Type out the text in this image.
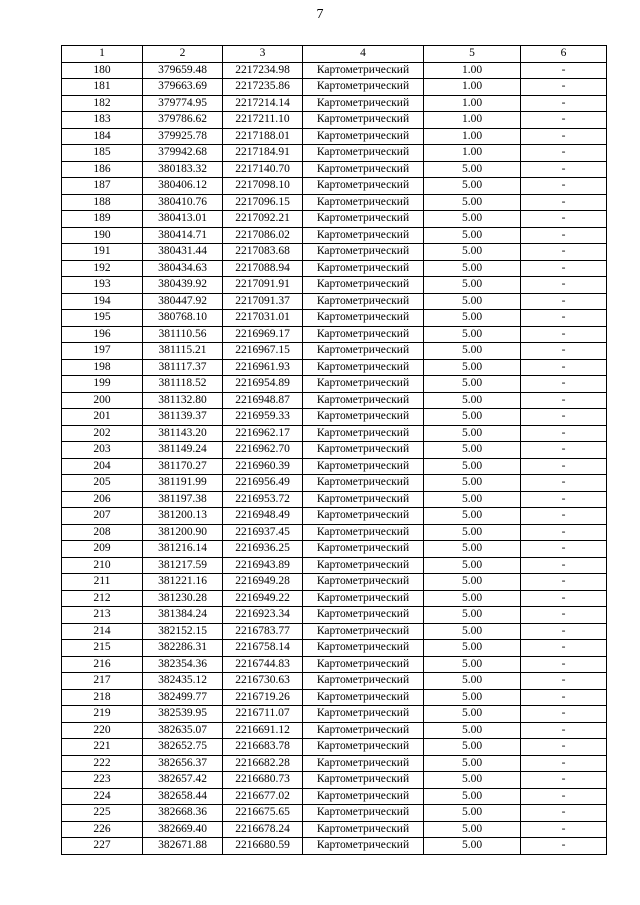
7
1	2	3	4	5	6
180	379659.48	2217234.98	Картометрический	1.00	-
181	379663.69	2217235.86	Картометрический	1.00	-
182	379774.95	2217214.14	Картометрический	1.00	-
183	379786.62	2217211.10	Картометрический	1.00	-
184	379925.78	2217188.01	Картометрический	1.00	-
185	379942.68	2217184.91	Картометрический	1.00	-
186	380183.32	2217140.70	Картометрический	5.00	-
187	380406.12	2217098.10	Картометрический	5.00	-
188	380410.76	2217096.15	Картометрический	5.00	-
189	380413.01	2217092.21	Картометрический	5.00	-
190	380414.71	2217086.02	Картометрический	5.00	-
191	380431.44	2217083.68	Картометрический	5.00	-
192	380434.63	2217088.94	Картометрический	5.00	-
193	380439.92	2217091.91	Картометрический	5.00	-
194	380447.92	2217091.37	Картометрический	5.00	-
195	380768.10	2217031.01	Картометрический	5.00	-
196	381110.56	2216969.17	Картометрический	5.00	-
197	381115.21	2216967.15	Картометрический	5.00	-
198	381117.37	2216961.93	Картометрический	5.00	-
199	381118.52	2216954.89	Картометрический	5.00	-
200	381132.80	2216948.87	Картометрический	5.00	-
201	381139.37	2216959.33	Картометрический	5.00	-
202	381143.20	2216962.17	Картометрический	5.00	-
203	381149.24	2216962.70	Картометрический	5.00	-
204	381170.27	2216960.39	Картометрический	5.00	-
205	381191.99	2216956.49	Картометрический	5.00	-
206	381197.38	2216953.72	Картометрический	5.00	-
207	381200.13	2216948.49	Картометрический	5.00	-
208	381200.90	2216937.45	Картометрический	5.00	-
209	381216.14	2216936.25	Картометрический	5.00	-
210	381217.59	2216943.89	Картометрический	5.00	-
211	381221.16	2216949.28	Картометрический	5.00	-
212	381230.28	2216949.22	Картометрический	5.00	-
213	381384.24	2216923.34	Картометрический	5.00	-
214	382152.15	2216783.77	Картометрический	5.00	-
215	382286.31	2216758.14	Картометрический	5.00	-
216	382354.36	2216744.83	Картометрический	5.00	-
217	382435.12	2216730.63	Картометрический	5.00	-
218	382499.77	2216719.26	Картометрический	5.00	-
219	382539.95	2216711.07	Картометрический	5.00	-
220	382635.07	2216691.12	Картометрический	5.00	-
221	382652.75	2216683.78	Картометрический	5.00	-
222	382656.37	2216682.28	Картометрический	5.00	-
223	382657.42	2216680.73	Картометрический	5.00	-
224	382658.44	2216677.02	Картометрический	5.00	-
225	382668.36	2216675.65	Картометрический	5.00	-
226	382669.40	2216678.24	Картометрический	5.00	-
227	382671.88	2216680.59	Картометрический	5.00	-
